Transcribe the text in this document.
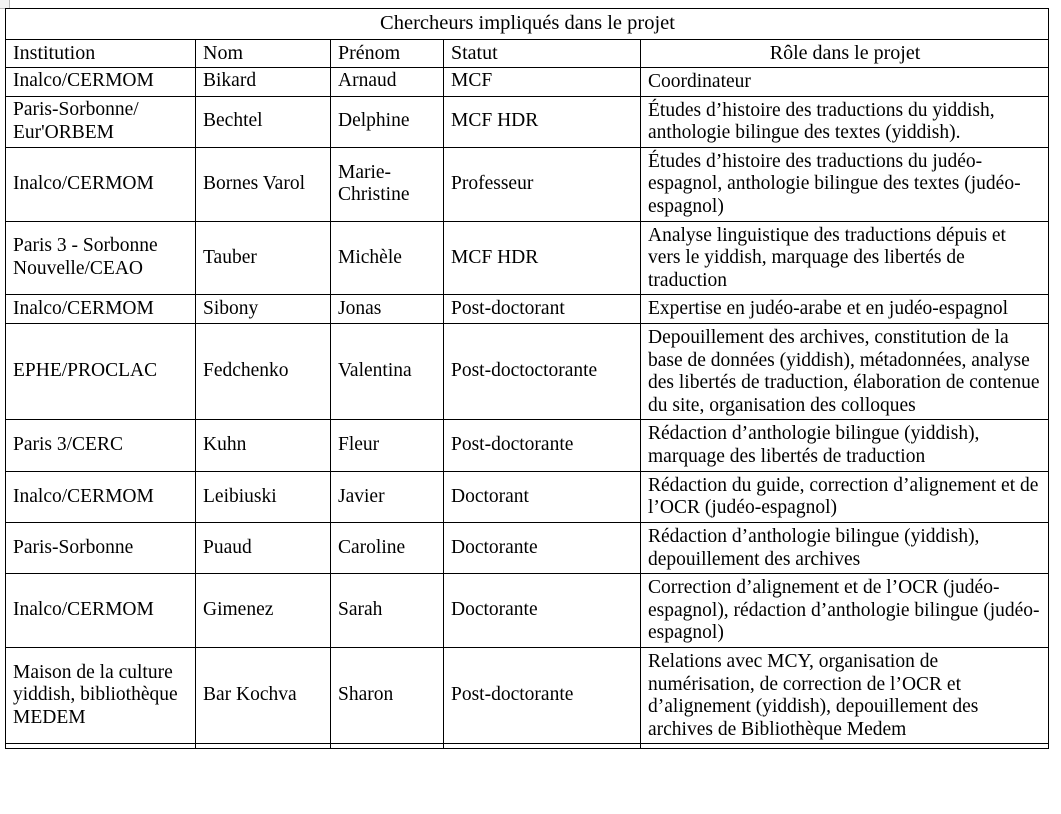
Chercheurs impliqués dans le projet				
Institution	Nom	Prénom	Statut	Rôle dans le projet
Inalco/CERMOM	Bikard	Arnaud	MCF	Coordinateur
Paris-Sorbonne/ Eur'ORBEM	Bechtel	Delphine	MCF HDR	Études d’histoire des traductions du yiddish, anthologie bilingue des textes (yiddish).
Inalco/CERMOM	Bornes Varol	Marie-Christine	Professeur	Études d’histoire des traductions du judéo-espagnol, anthologie bilingue des textes (judéo-espagnol)
Paris 3 - Sorbonne Nouvelle/CEAO	Tauber	Michèle	MCF HDR	Analyse linguistique des traductions dépuis et vers le yiddish, marquage des libertés de traduction
Inalco/CERMOM	Sibony	Jonas	Post-doctorant	Expertise en judéo-arabe et en judéo-espagnol
EPHE/PROCLAC	Fedchenko	Valentina	Post-doctoctorante	Depouillement des archives, constitution de la base de données (yiddish), métadonnées, analyse des libertés de traduction, élaboration de contenue du site, organisation des colloques
Paris 3/CERC	Kuhn	Fleur	Post-doctorante	Rédaction d’anthologie bilingue (yiddish), marquage des libertés de traduction
Inalco/CERMOM	Leibiuski	Javier	Doctorant	Rédaction du guide, correction d’alignement et de l’OCR (judéo-espagnol)
Paris-Sorbonne	Puaud	Caroline	Doctorante	Rédaction d’anthologie bilingue (yiddish), depouillement des archives
Inalco/CERMOM	Gimenez	Sarah	Doctorante	Correction d’alignement et de l’OCR (judéo-espagnol), rédaction d’anthologie bilingue (judéo-espagnol)
Maison de la culture yiddish, bibliothèque MEDEM	Bar Kochva	Sharon	Post-doctorante	Relations avec MCY, organisation de numérisation, de correction de l’OCR et d’alignement (yiddish), depouillement des archives de Bibliothèque Medem
